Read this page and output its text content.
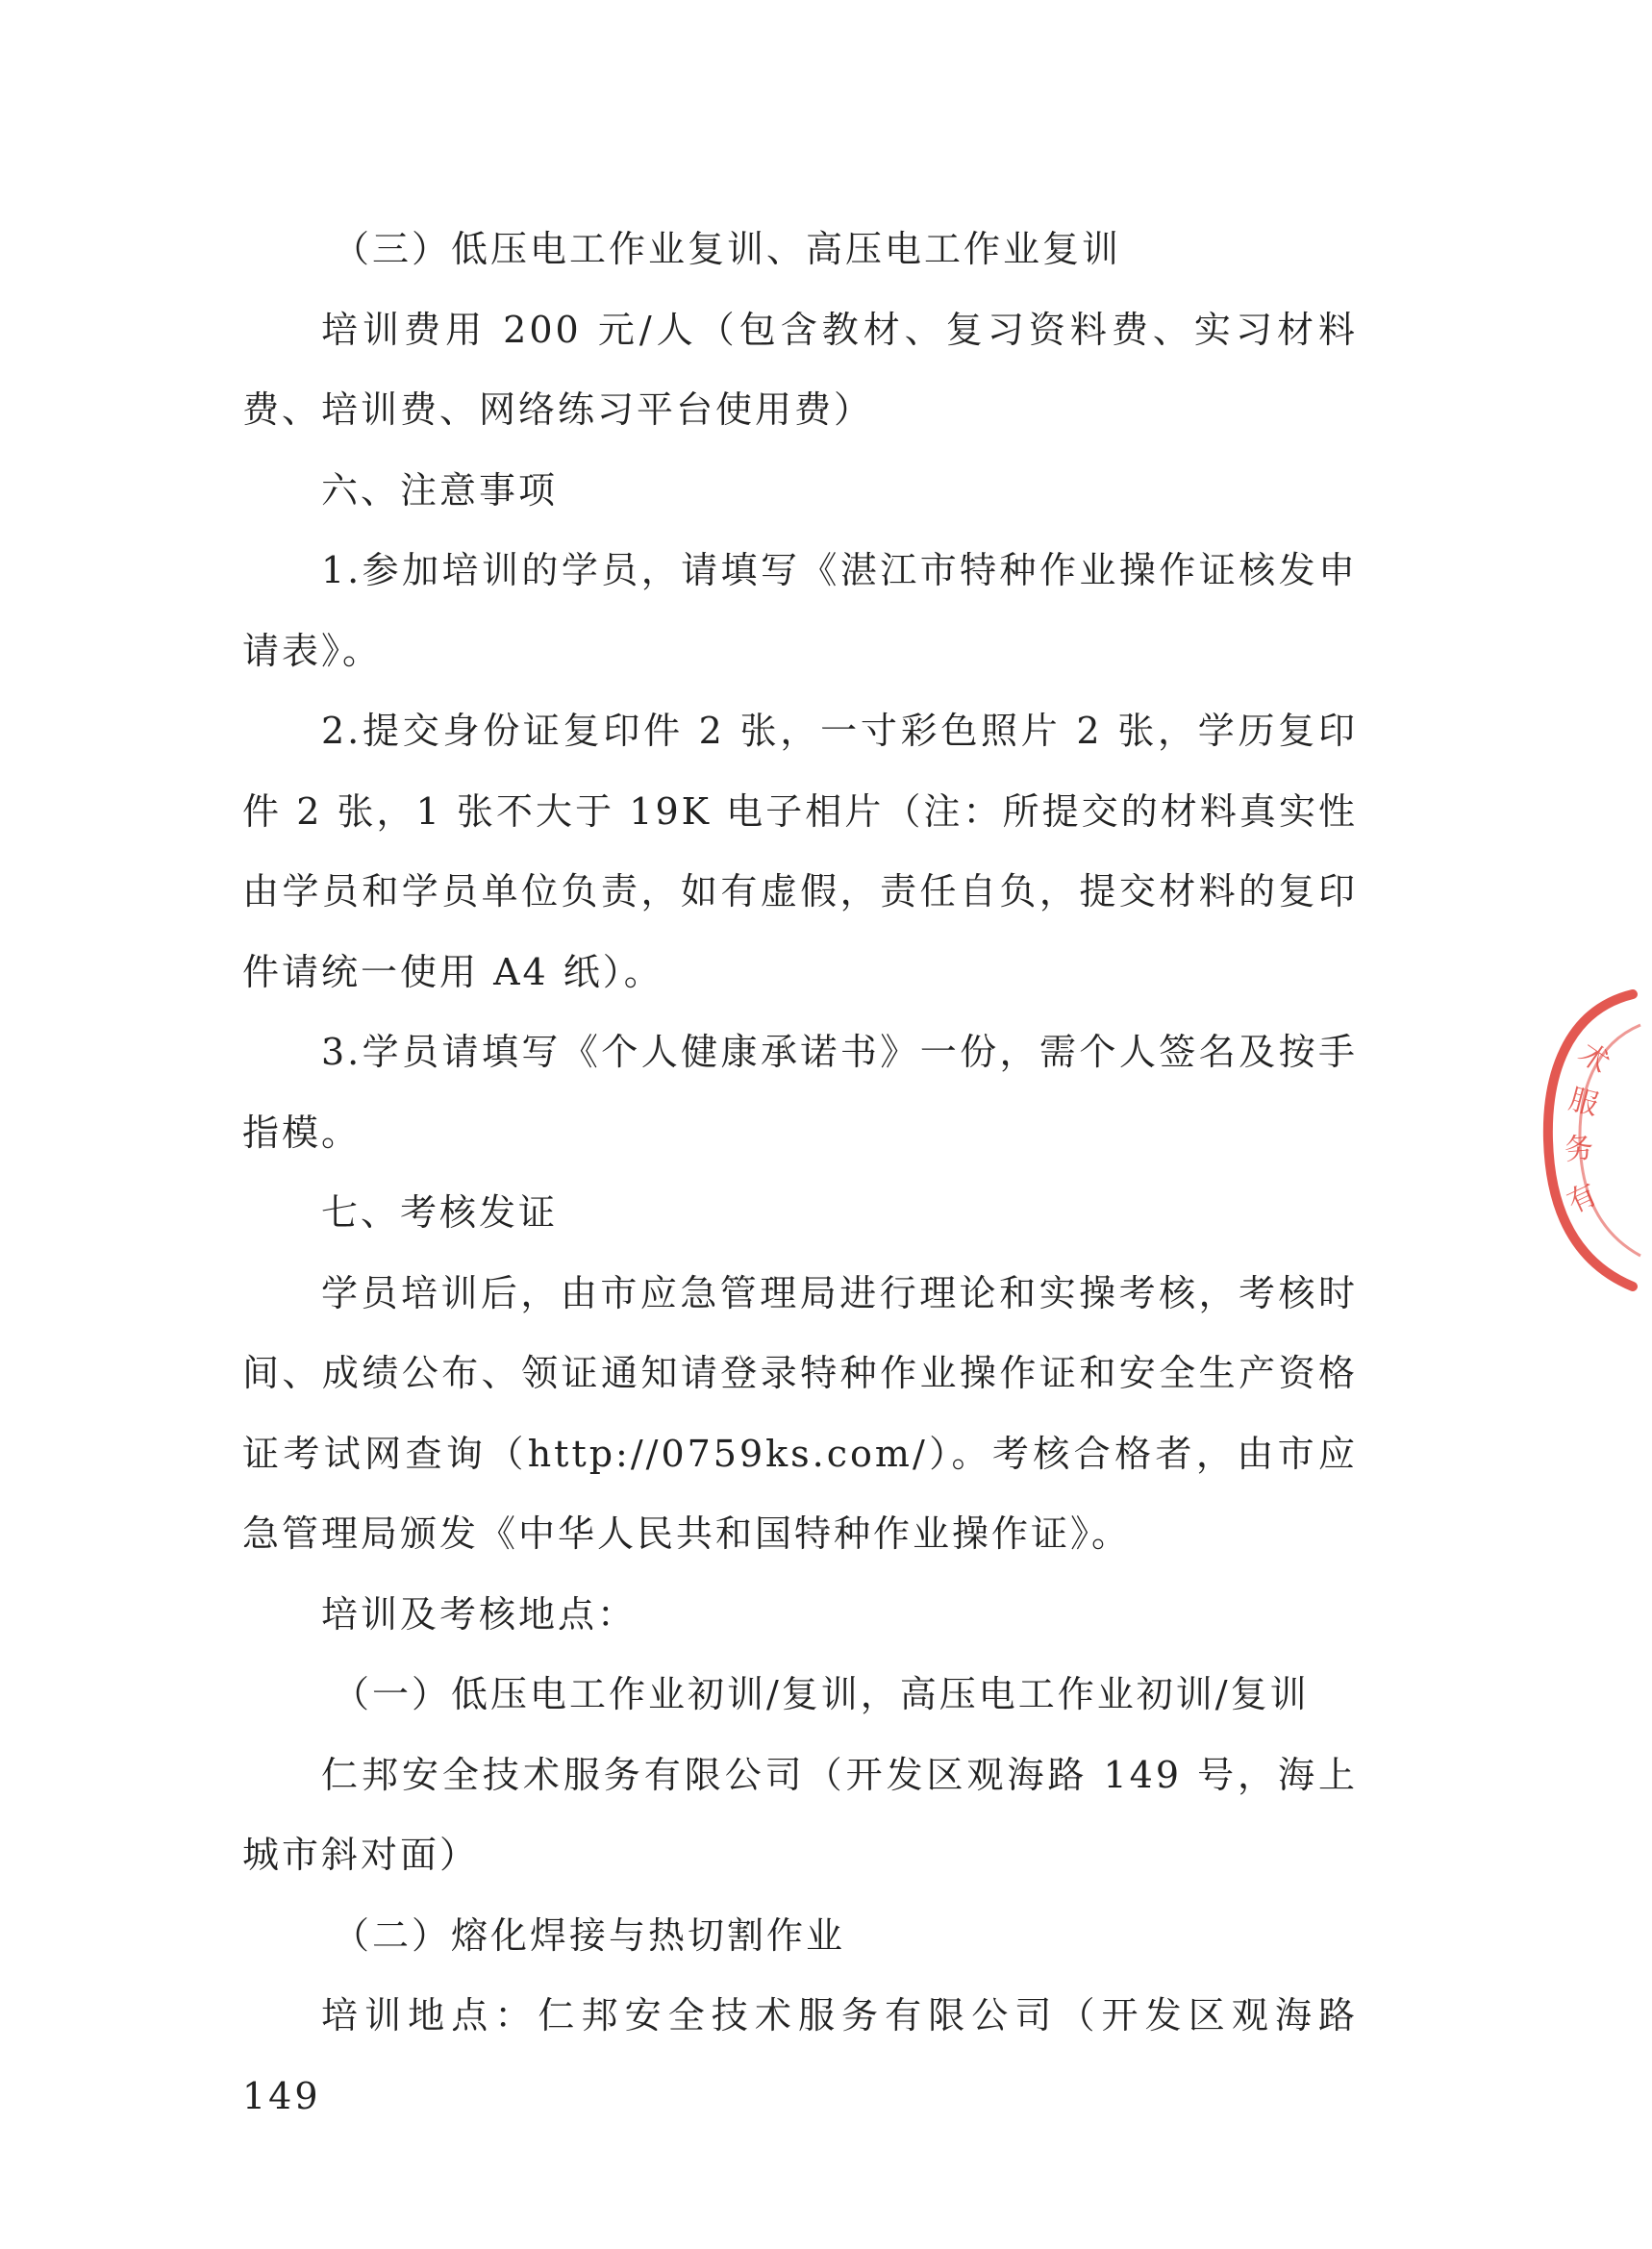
（三）低压电工作业复训、高压电工作业复训

培训费用 200 元/人（包含教材、复习资料费、实习材料费、培训费、网络练习平台使用费）

六、注意事项

1.参加培训的学员，请填写《湛江市特种作业操作证核发申请表》。

2.提交身份证复印件 2 张，一寸彩色照片 2 张，学历复印件 2 张，1 张不大于 19K 电子相片（注：所提交的材料真实性由学员和学员单位负责，如有虚假，责任自负，提交材料的复印件请统一使用 A4 纸）。

3.学员请填写《个人健康承诺书》一份，需个人签名及按手指模。

七、考核发证

学员培训后，由市应急管理局进行理论和实操考核，考核时间、成绩公布、领证通知请登录特种作业操作证和安全生产资格证考试网查询（http://0759ks.com/）。考核合格者，由市应急管理局颁发《中华人民共和国特种作业操作证》。

培训及考核地点：

（一）低压电工作业初训/复训，高压电工作业初训/复训

仁邦安全技术服务有限公司（开发区观海路 149 号，海上城市斜对面）

（二）熔化焊接与热切割作业

培训地点：仁邦安全技术服务有限公司（开发区观海路 149

术
服
务
有
